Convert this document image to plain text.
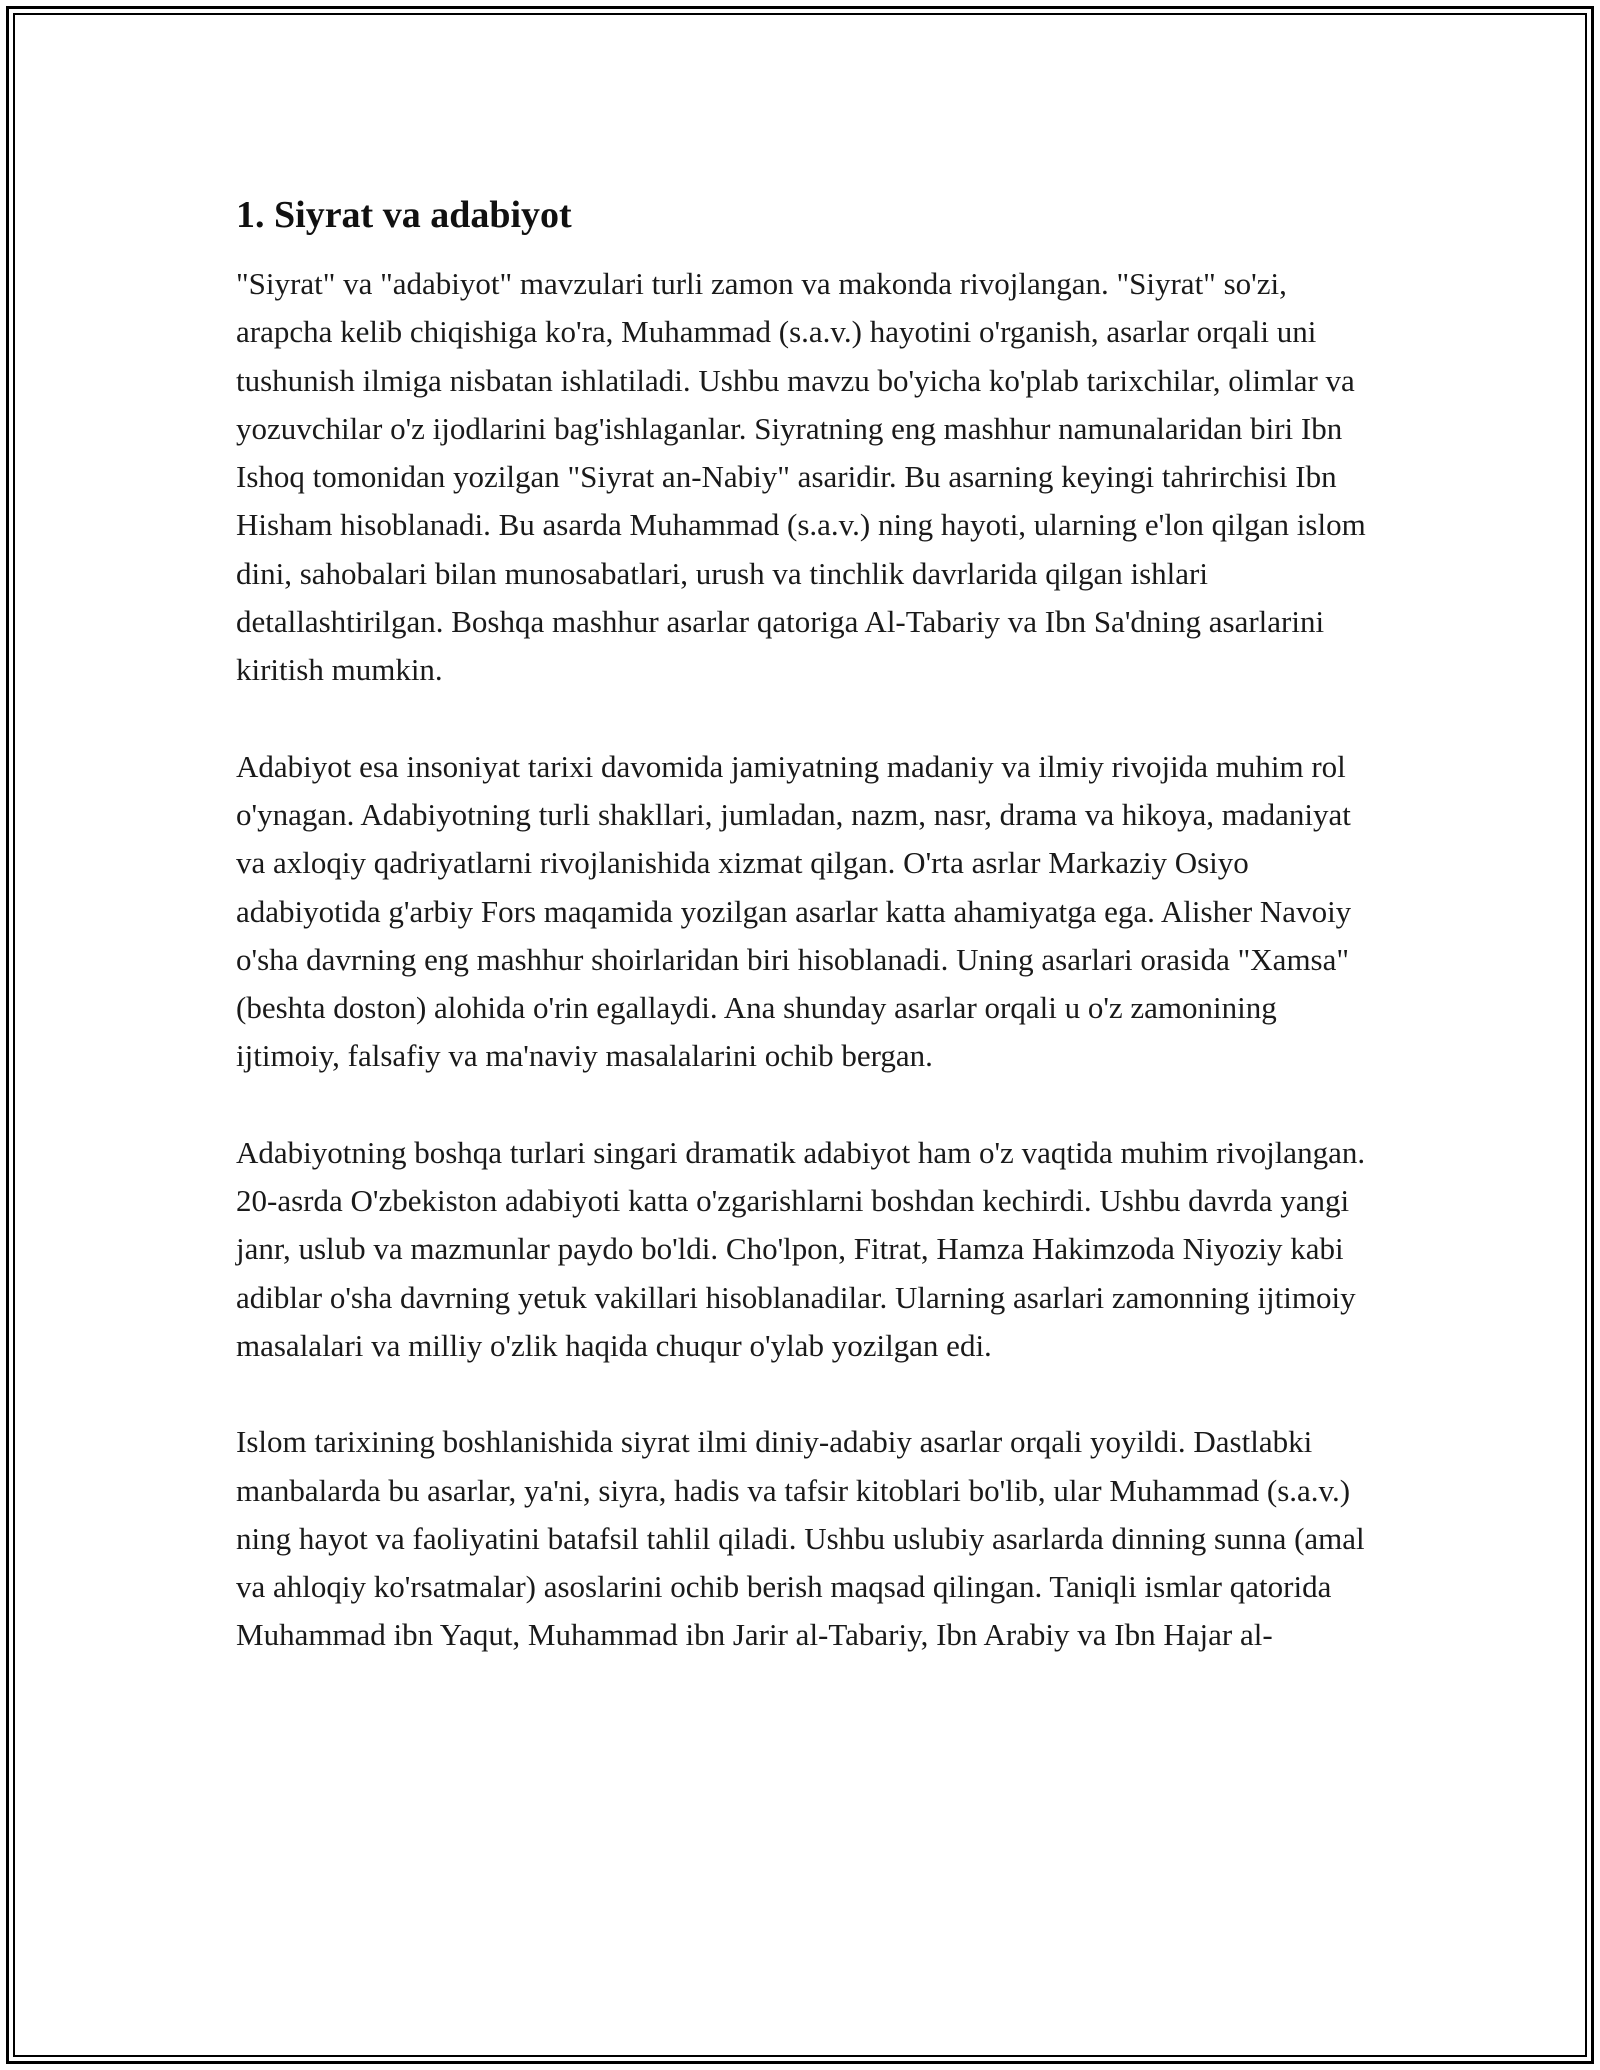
1. Siyrat va adabiyot

"Siyrat" va "adabiyot" mavzulari turli zamon va makonda rivojlangan. "Siyrat" so'zi, arapcha kelib chiqishiga ko'ra, Muhammad (s.a.v.) hayotini o'rganish, asarlar orqali uni tushunish ilmiga nisbatan ishlatiladi. Ushbu mavzu bo'yicha ko'plab tarixchilar, olimlar va yozuvchilar o'z ijodlarini bag'ishlaganlar. Siyratning eng mashhur namunalaridan biri Ibn Ishoq tomonidan yozilgan "Siyrat an-Nabiy" asaridir. Bu asarning keyingi tahrirchisi Ibn Hisham hisoblanadi. Bu asarda Muhammad (s.a.v.) ning hayoti, ularning e'lon qilgan islom dini, sahobalari bilan munosabatlari, urush va tinchlik davrlarida qilgan ishlari detallashtirilgan. Boshqa mashhur asarlar qatoriga Al-Tabariy va Ibn Sa'dning asarlarini kiritish mumkin.

Adabiyot esa insoniyat tarixi davomida jamiyatning madaniy va ilmiy rivojida muhim rol o'ynagan. Adabiyotning turli shakllari, jumladan, nazm, nasr, drama va hikoya, madaniyat va axloqiy qadriyatlarni rivojlanishida xizmat qilgan. O'rta asrlar Markaziy Osiyo adabiyotida g'arbiy Fors maqamida yozilgan asarlar katta ahamiyatga ega. Alisher Navoiy o'sha davrning eng mashhur shoirlaridan biri hisoblanadi. Uning asarlari orasida "Xamsa" (beshta doston) alohida o'rin egallaydi. Ana shunday asarlar orqali u o'z zamonining ijtimoiy, falsafiy va ma'naviy masalalarini ochib bergan.

Adabiyotning boshqa turlari singari dramatik adabiyot ham o'z vaqtida muhim rivojlangan. 20-asrda O'zbekiston adabiyoti katta o'zgarishlarni boshdan kechirdi. Ushbu davrda yangi janr, uslub va mazmunlar paydo bo'ldi. Cho'lpon, Fitrat, Hamza Hakimzoda Niyoziy kabi adiblar o'sha davrning yetuk vakillari hisoblanadilar. Ularning asarlari zamonning ijtimoiy masalalari va milliy o'zlik haqida chuqur o'ylab yozilgan edi.

Islom tarixining boshlanishida siyrat ilmi diniy-adabiy asarlar orqali yoyildi. Dastlabki manbalarda bu asarlar, ya'ni, siyra, hadis va tafsir kitoblari bo'lib, ular Muhammad (s.a.v.) ning hayot va faoliyatini batafsil tahlil qiladi. Ushbu uslubiy asarlarda dinning sunna (amal va ahloqiy ko'rsatmalar) asoslarini ochib berish maqsad qilingan. Taniqli ismlar qatorida Muhammad ibn Yaqut, Muhammad ibn Jarir al-Tabariy, Ibn Arabiy va Ibn Hajar al-
